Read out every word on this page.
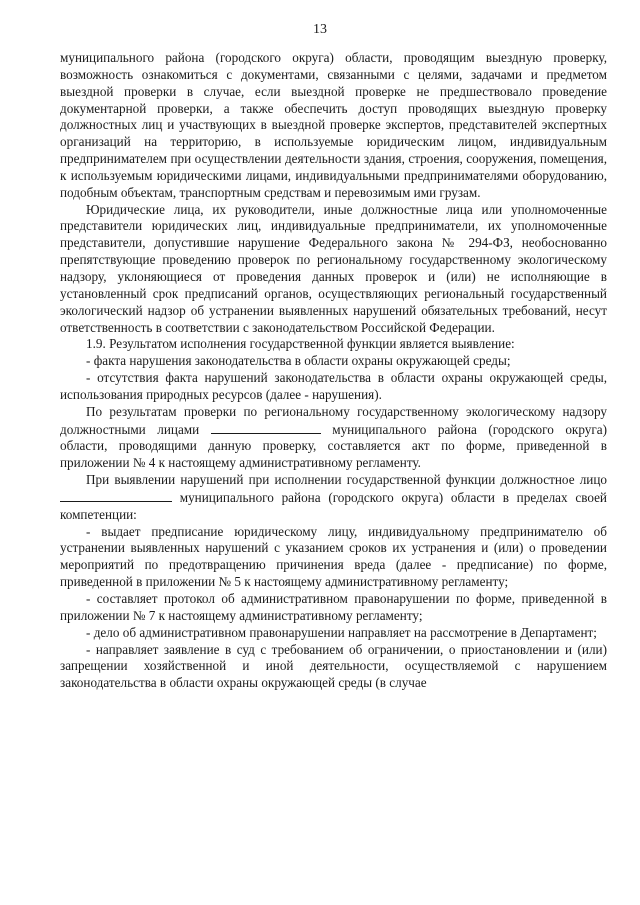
13

муниципального района (городского округа) области, проводящим выездную проверку, возможность ознакомиться с документами, связанными с целями, задачами и предметом выездной проверки в случае, если выездной проверке не предшествовало проведение документарной проверки, а также обеспечить доступ проводящих выездную проверку должностных лиц и участвующих в выездной проверке экспертов, представителей экспертных организаций на территорию, в используемые юридическим лицом, индивидуальным предпринимателем при осуществлении деятельности здания, строения, сооружения, помещения, к используемым юридическими лицами, индивидуальными предпринимателями оборудованию, подобным объектам, транспортным средствам и перевозимым ими грузам.

Юридические лица, их руководители, иные должностные лица или уполномоченные представители юридических лиц, индивидуальные предприниматели, их уполномоченные представители, допустившие нарушение Федерального закона № 294-ФЗ, необоснованно препятствующие проведению проверок по региональному государственному экологическому надзору, уклоняющиеся от проведения данных проверок и (или) не исполняющие в установленный срок предписаний органов, осуществляющих региональный государственный экологический надзор об устранении выявленных нарушений обязательных требований, несут ответственность в соответствии с законодательством Российской Федерации.

1.9. Результатом исполнения государственной функции является выявление:

- факта нарушения законодательства в области охраны окружающей среды;

- отсутствия факта нарушений законодательства в области охраны окружающей среды, использования природных ресурсов (далее - нарушения).

По результатам проверки по региональному государственному экологическому надзору должностными лицами	муниципального района (городского округа) области, проводящими данную проверку, составляется акт по форме, приведенной в приложении № 4 к настоящему административному регламенту.

При выявлении нарушений при исполнении государственной функции должностное лицо  муниципального района (городского округа) области в пределах своей компетенции:

- выдает предписание юридическому лицу, индивидуальному предпринимателю об устранении выявленных нарушений с указанием сроков их устранения и (или) о проведении мероприятий по предотвращению причинения вреда (далее - предписание) по форме, приведенной в приложении № 5 к настоящему административному регламенту;

- составляет протокол об административном правонарушении по форме, приведенной в приложении № 7 к настоящему административному регламенту;

- дело об административном правонарушении направляет на рассмотрение в Департамент;

- направляет заявление в суд с требованием об ограничении, о приостановлении и (или) запрещении хозяйственной и иной деятельности, осуществляемой с нарушением законодательства в области охраны окружающей среды (в случае
